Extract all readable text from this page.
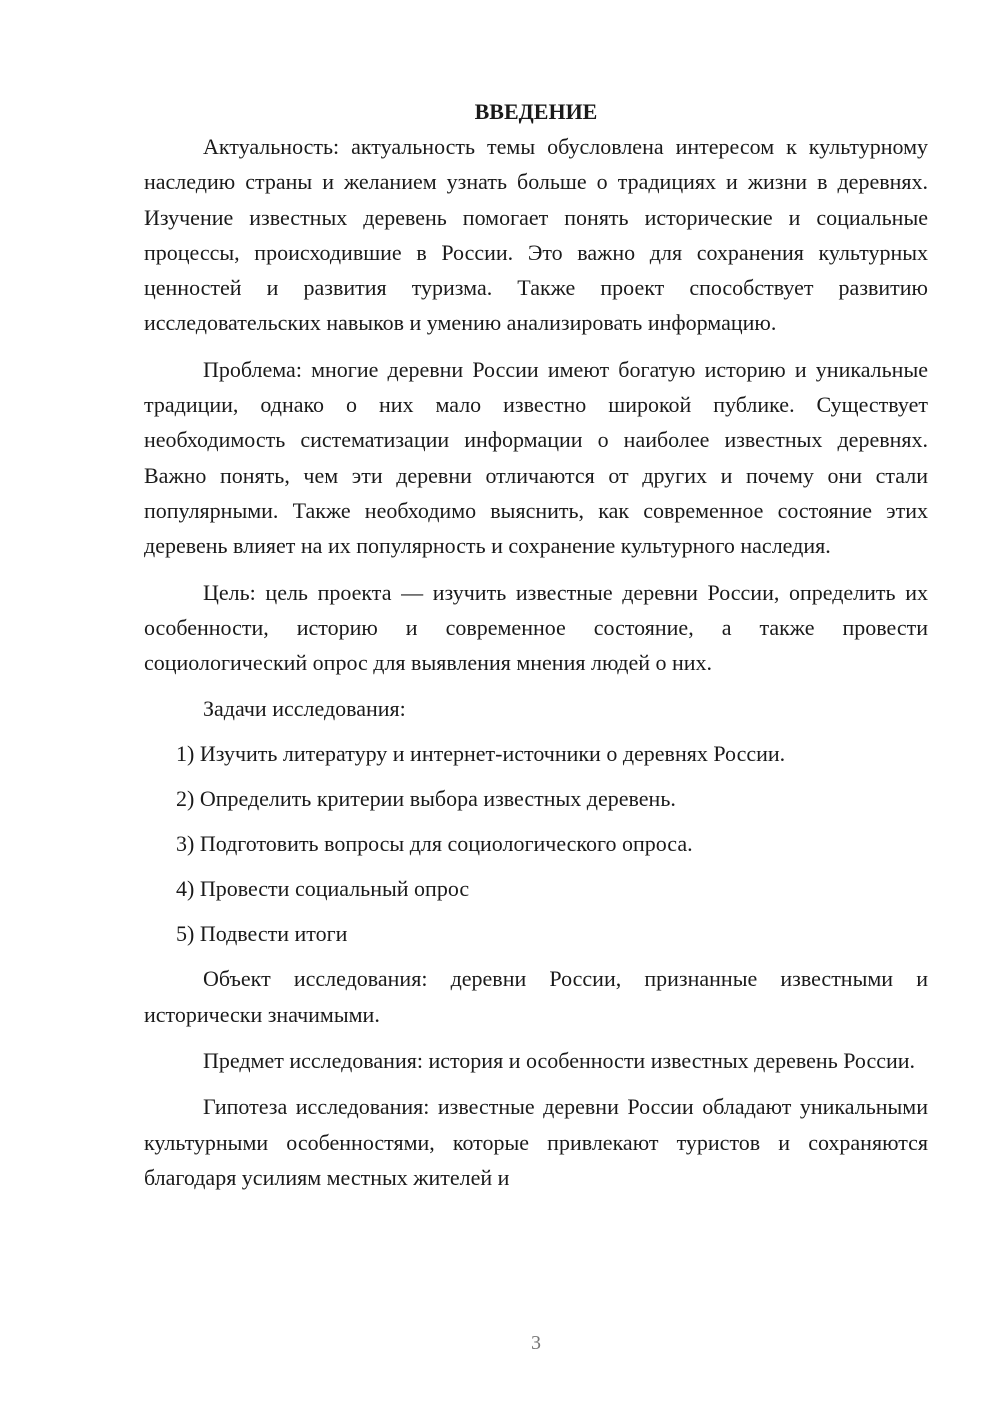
ВВЕДЕНИЕ

Актуальность: актуальность темы обусловлена интересом к культурному наследию страны и желанием узнать больше о традициях и жизни в деревнях. Изучение известных деревень помогает понять исторические и социальные процессы, происходившие в России. Это важно для сохранения культурных ценностей и развития туризма. Также проект способствует развитию исследовательских навыков и умению анализировать информацию.

Проблема: многие деревни России имеют богатую историю и уникальные традиции, однако о них мало известно широкой публике. Существует необходимость систематизации информации о наиболее известных деревнях. Важно понять, чем эти деревни отличаются от других и почему они стали популярными. Также необходимо выяснить, как современное состояние этих деревень влияет на их популярность и сохранение культурного наследия.

Цель: цель проекта — изучить известные деревни России, определить их особенности, историю и современное состояние, а также провести социологический опрос для выявления мнения людей о них.

Задачи исследования:
1) Изучить литературу и интернет-источники о деревнях России.
2) Определить критерии выбора известных деревень.
3) Подготовить вопросы для социологического опроса.
4) Провести социальный опрос
5) Подвести итоги

Объект исследования: деревни России, признанные известными и исторически значимыми.

Предмет исследования: история и особенности известных деревень России.

Гипотеза исследования: известные деревни России обладают уникальными культурными особенностями, которые привлекают туристов и сохраняются благодаря усилиям местных жителей и

3
